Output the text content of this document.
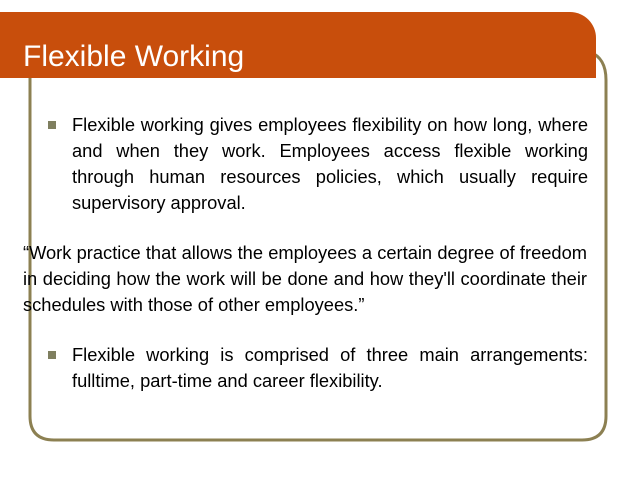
Flexible Working

Flexible working gives employees flexibility on how long, where and when they work. Employees access flexible working through human resources policies, which usually require supervisory approval.

“Work practice that allows the employees a certain degree of freedom in deciding how the work will be done and how they'll coordinate their schedules with those of other employees.”

Flexible working is comprised of three main arrangements: fulltime, part-time and career flexibility.
